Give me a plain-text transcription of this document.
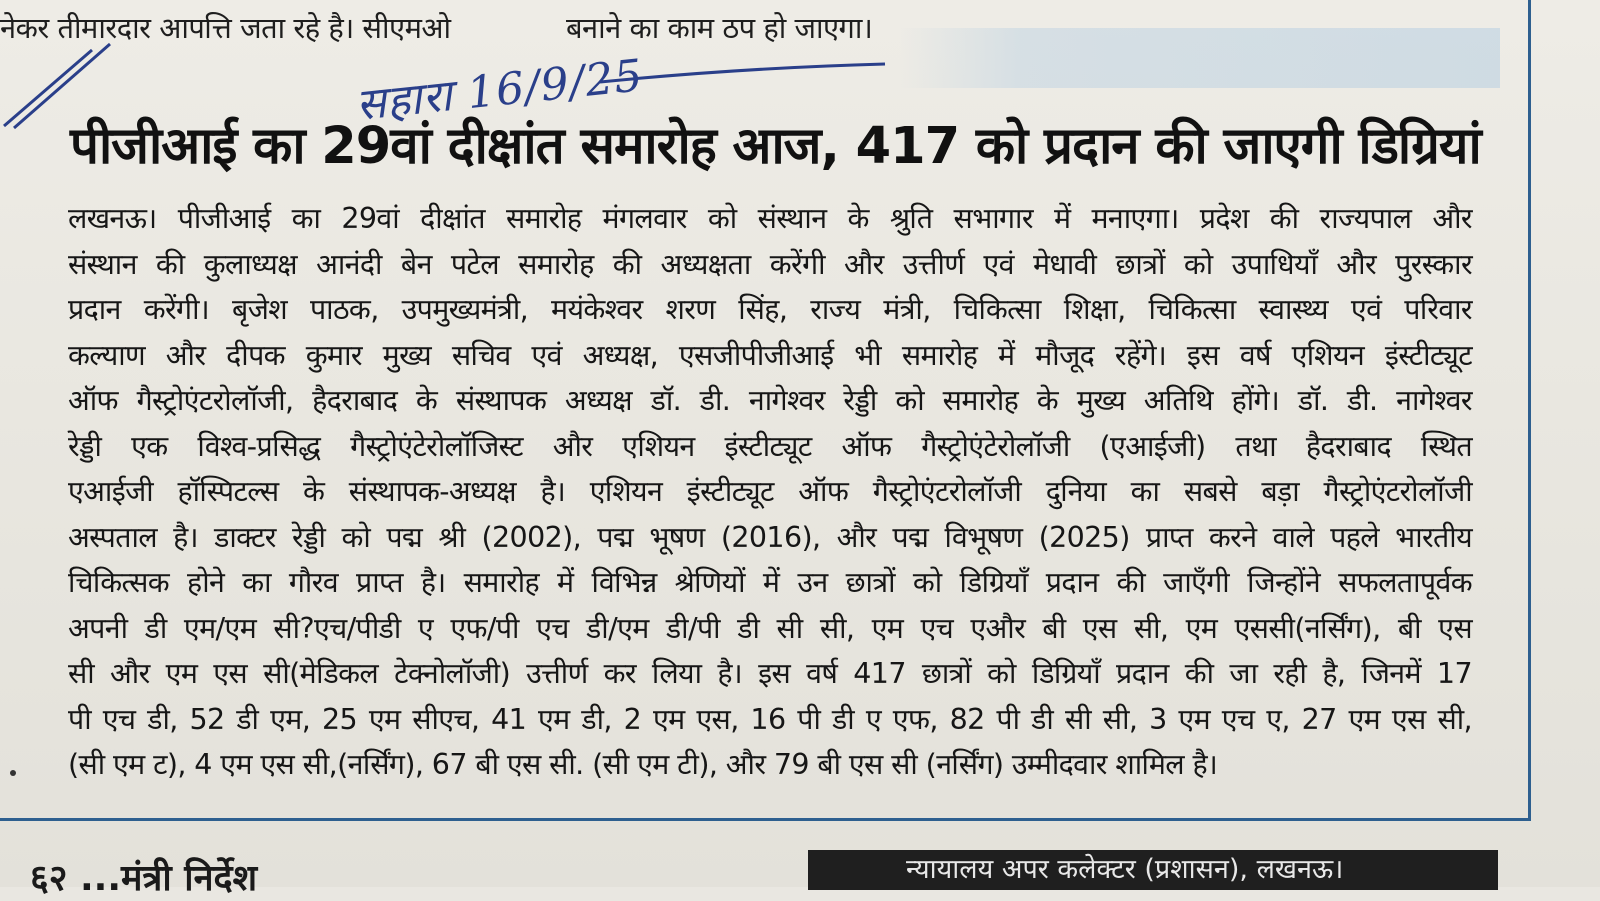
नेकर तीमारदार आपत्ति जता रहे है। सीएमओ	बनाने का काम ठप हो जाएगा।
सहारा 16/9/25
पीजीआई का 29वां दीक्षांत समारोह आज, 417 को प्रदान की जाएगी डिग्रियां
लखनऊ। पीजीआई का 29वां दीक्षांत समारोह मंगलवार को संस्थान के श्रुति सभागार में मनाएगा। प्रदेश की राज्यपाल और
संस्थान की कुलाध्यक्ष आनंदी बेन पटेल समारोह की अध्यक्षता करेंगी और उत्तीर्ण एवं मेधावी छात्रों को उपाधियाँ और पुरस्कार
प्रदान करेंगी। बृजेश पाठक, उपमुख्यमंत्री, मयंकेश्वर शरण सिंह, राज्य मंत्री, चिकित्सा शिक्षा, चिकित्सा स्वास्थ्य एवं परिवार
कल्याण और दीपक कुमार मुख्य सचिव एवं अध्यक्ष, एसजीपीजीआई भी समारोह में मौजूद रहेंगे। इस वर्ष एशियन इंस्टीट्यूट
ऑफ गैस्ट्रोएंटरोलॉजी, हैदराबाद के संस्थापक अध्यक्ष डॉ. डी. नागेश्वर रेड्डी को समारोह के मुख्य अतिथि होंगे। डॉ. डी. नागेश्वर
रेड्डी एक विश्व-प्रसिद्ध गैस्ट्रोएंटेरोलॉजिस्ट और एशियन इंस्टीट्यूट ऑफ गैस्ट्रोएंटेरोलॉजी (एआईजी) तथा हैदराबाद स्थित
एआईजी हॉस्पिटल्स के संस्थापक-अध्यक्ष है। एशियन इंस्टीट्यूट ऑफ गैस्ट्रोएंटरोलॉजी दुनिया का सबसे बड़ा गैस्ट्रोएंटरोलॉजी
अस्पताल है। डाक्टर रेड्डी को पद्म श्री (2002), पद्म भूषण (2016), और पद्म विभूषण (2025) प्राप्त करने वाले पहले भारतीय
चिकित्सक होने का गौरव प्राप्त है। समारोह में विभिन्न श्रेणियों में उन छात्रों को डिग्रियाँ प्रदान की जाएँगी जिन्होंने सफलतापूर्वक
अपनी डी एम/एम सी?एच/पीडी ए एफ/पी एच डी/एम डी/पी डी सी सी, एम एच एऔर बी एस सी, एम एससी(नर्सिंग), बी एस
सी और एम एस सी(मेडिकल टेक्नोलॉजी) उत्तीर्ण कर लिया है। इस वर्ष 417 छात्रों को डिग्रियाँ प्रदान की जा रही है, जिनमें 17
पी एच डी, 52 डी एम, 25 एम सीएच, 41 एम डी, 2 एम एस, 16 पी डी ए एफ, 82 पी डी सी सी, 3 एम एच ए, 27 एम एस सी,
(सी एम ट), 4 एम एस सी,(नर्सिंग), 67 बी एस सी. (सी एम टी), और 79 बी एस सी (नर्सिंग) उम्मीदवार शामिल है।
६२ ...मंत्री निर्देश	न्यायालय अपर कलेक्टर (प्रशासन), लखनऊ।
